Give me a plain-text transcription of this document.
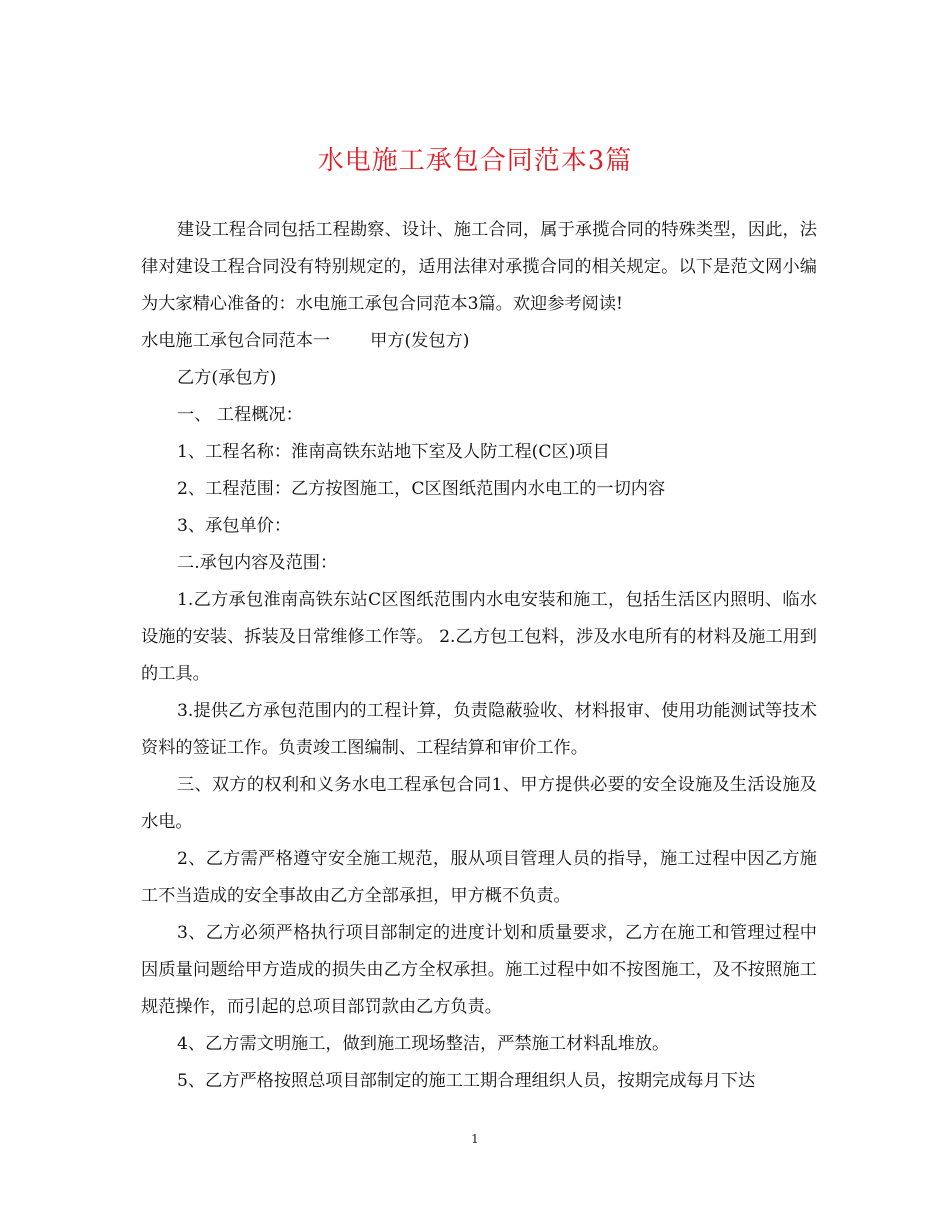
水电施工承包合同范本3篇

建设工程合同包括工程勘察、设计、施工合同，属于承揽合同的特殊类型，因此，法律对建设工程合同没有特别规定的，适用法律对承揽合同的相关规定。以下是范文网小编为大家精心准备的：水电施工承包合同范本3篇。欢迎参考阅读!

水电施工承包合同范本一 甲方(发包方)

乙方(承包方)

一、 工程概况：

1、工程名称：淮南高铁东站地下室及人防工程(C区)项目

2、工程范围：乙方按图施工，C区图纸范围内水电工的一切内容

3、承包单价：

二.承包内容及范围：

1.乙方承包淮南高铁东站C区图纸范围内水电安装和施工，包括生活区内照明、临水设施的安装、拆装及日常维修工作等。 2.乙方包工包料，涉及水电所有的材料及施工用到的工具。

3.提供乙方承包范围内的工程计算，负责隐蔽验收、材料报审、使用功能测试等技术资料的签证工作。负责竣工图编制、工程结算和审价工作。

三、双方的权利和义务水电工程承包合同1、甲方提供必要的安全设施及生活设施及水电。

2、乙方需严格遵守安全施工规范，服从项目管理人员的指导，施工过程中因乙方施工不当造成的安全事故由乙方全部承担，甲方概不负责。

3、乙方必须严格执行项目部制定的进度计划和质量要求，乙方在施工和管理过程中因质量问题给甲方造成的损失由乙方全权承担。施工过程中如不按图施工，及不按照施工规范操作，而引起的总项目部罚款由乙方负责。

4、乙方需文明施工，做到施工现场整洁，严禁施工材料乱堆放。

5、乙方严格按照总项目部制定的施工工期合理组织人员，按期完成每月下达

1
